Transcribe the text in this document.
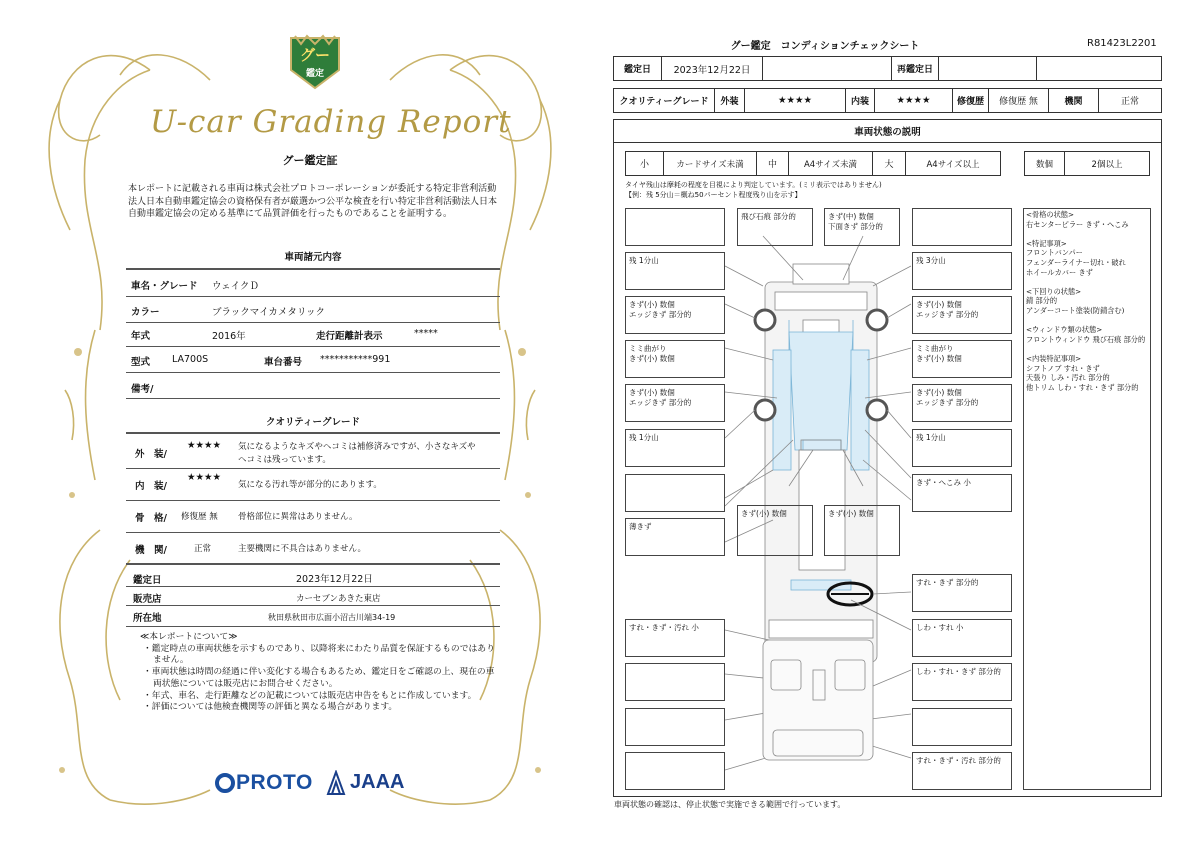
グー
鑑定
U-car Grading Report
グー鑑定証
本レポートに記載される車両は株式会社プロトコーポレーションが委託する特定非営利活動法人日本自動車鑑定協会の資格保有者が厳選かつ公平な検査を行い特定非営利活動法人日本自動車鑑定協会の定める基準にて品質評価を行ったものであることを証明する。
車両諸元内容
車名・グレード ウェイクＤ
カラー	ブラックマイカメタリック
年式	2016年	走行距離計表示	*****
型式 LA700S	車台番号 ***********991
備考/
クオリティーグレード
外　装/
★★★★ 気になるようなキズやヘコミは補修済みですが、小さなキズや
ヘコミは残っています。
内　装/
★★★★
気になる汚れ等が部分的にあります。
骨　格/ 修復歴 無 骨格部位に異常はありません。
機　関/	正常	主要機関に不具合はありません。
鑑定日	2023年12月22日
販売店	カーセブンあきた東店
所在地	秋田県秋田市広面小沼古川端34-19
≪本レポートについて≫
・鑑定時点の車両状態を示すものであり、以降将来にわたり品質を保証するものではありません。
・車両状態は時間の経過に伴い変化する場合もあるため、鑑定日をご確認の上、現在の車両状態については販売店にお問合せください。
・年式、車名、走行距離などの記載については販売店申告をもとに作成しています。
・評価については他検査機関等の評価と異なる場合があります。
PROTO JAAA
グー鑑定　コンディションチェックシート	R81423L2201
鑑定日	2023年12月22日	再鑑定日
クオリティーグレード	外装	★★★★	内装	★★★★	修復歴	修復歴 無	機関	正常
車両状態の説明
小	カードサイズ未満	中	A4サイズ未満	大	A4サイズ以上	数個	2個以上
タイヤ残山は摩耗の程度を目視により判定しています。(ミリ表示ではありません)
【例：残 5分山＝概ね50パーセント程度残り山を示す】
残 1分山
きず(小) 数個
エッジきず 部分的
ミミ曲がり
きず(小) 数個
きず(小) 数個
エッジきず 部分的
残 1分山
薄きず
飛び石痕 部分的	きず(中) 数個
下面きず 部分的
きず(小) 数個	きず(小) 数個
残 3分山
きず(小) 数個
エッジきず 部分的
ミミ曲がり
きず(小) 数個
きず(小) 数個
エッジきず 部分的
残 1分山
きず・へこみ 小
すれ・きず・汚れ 小
すれ・きず 部分的
しわ・すれ 小
しわ・すれ・きず 部分的
すれ・きず・汚れ 部分的
<骨格の状態>
右センターピラー きず・へこみ
<特記事項>
フロントバンパー
フェンダーライナー切れ・破れ
ホイールカバー きず
<下回りの状態>
錆 部分的
アンダーコート塗装(防錆含む)
<ウィンドウ類の状態>
フロントウィンドウ 飛び石痕 部分的
<内装特記事項>
シフトノブ すれ・きず
天張り しみ・汚れ 部分的
他トリム しわ・すれ・きず 部分的
車両状態の確認は、停止状態で実施できる範囲で行っています。
